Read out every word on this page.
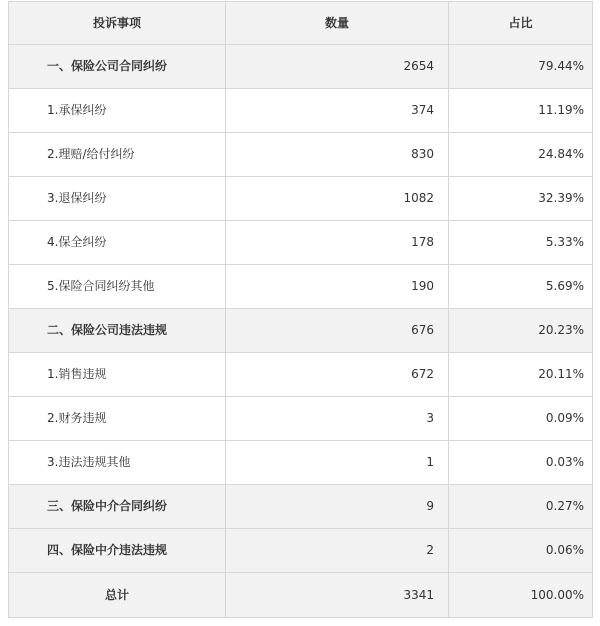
投诉事项	数量	占比
一、保险公司合同纠纷	2654	79.44%
1.承保纠纷	374	11.19%
2.理赔/给付纠纷	830	24.84%
3.退保纠纷	1082	32.39%
4.保全纠纷	178	5.33%
5.保险合同纠纷其他	190	5.69%
二、保险公司违法违规	676	20.23%
1.销售违规	672	20.11%
2.财务违规	3	0.09%
3.违法违规其他	1	0.03%
三、保险中介合同纠纷	9	0.27%
四、保险中介违法违规	2	0.06%
总计	3341	100.00%
